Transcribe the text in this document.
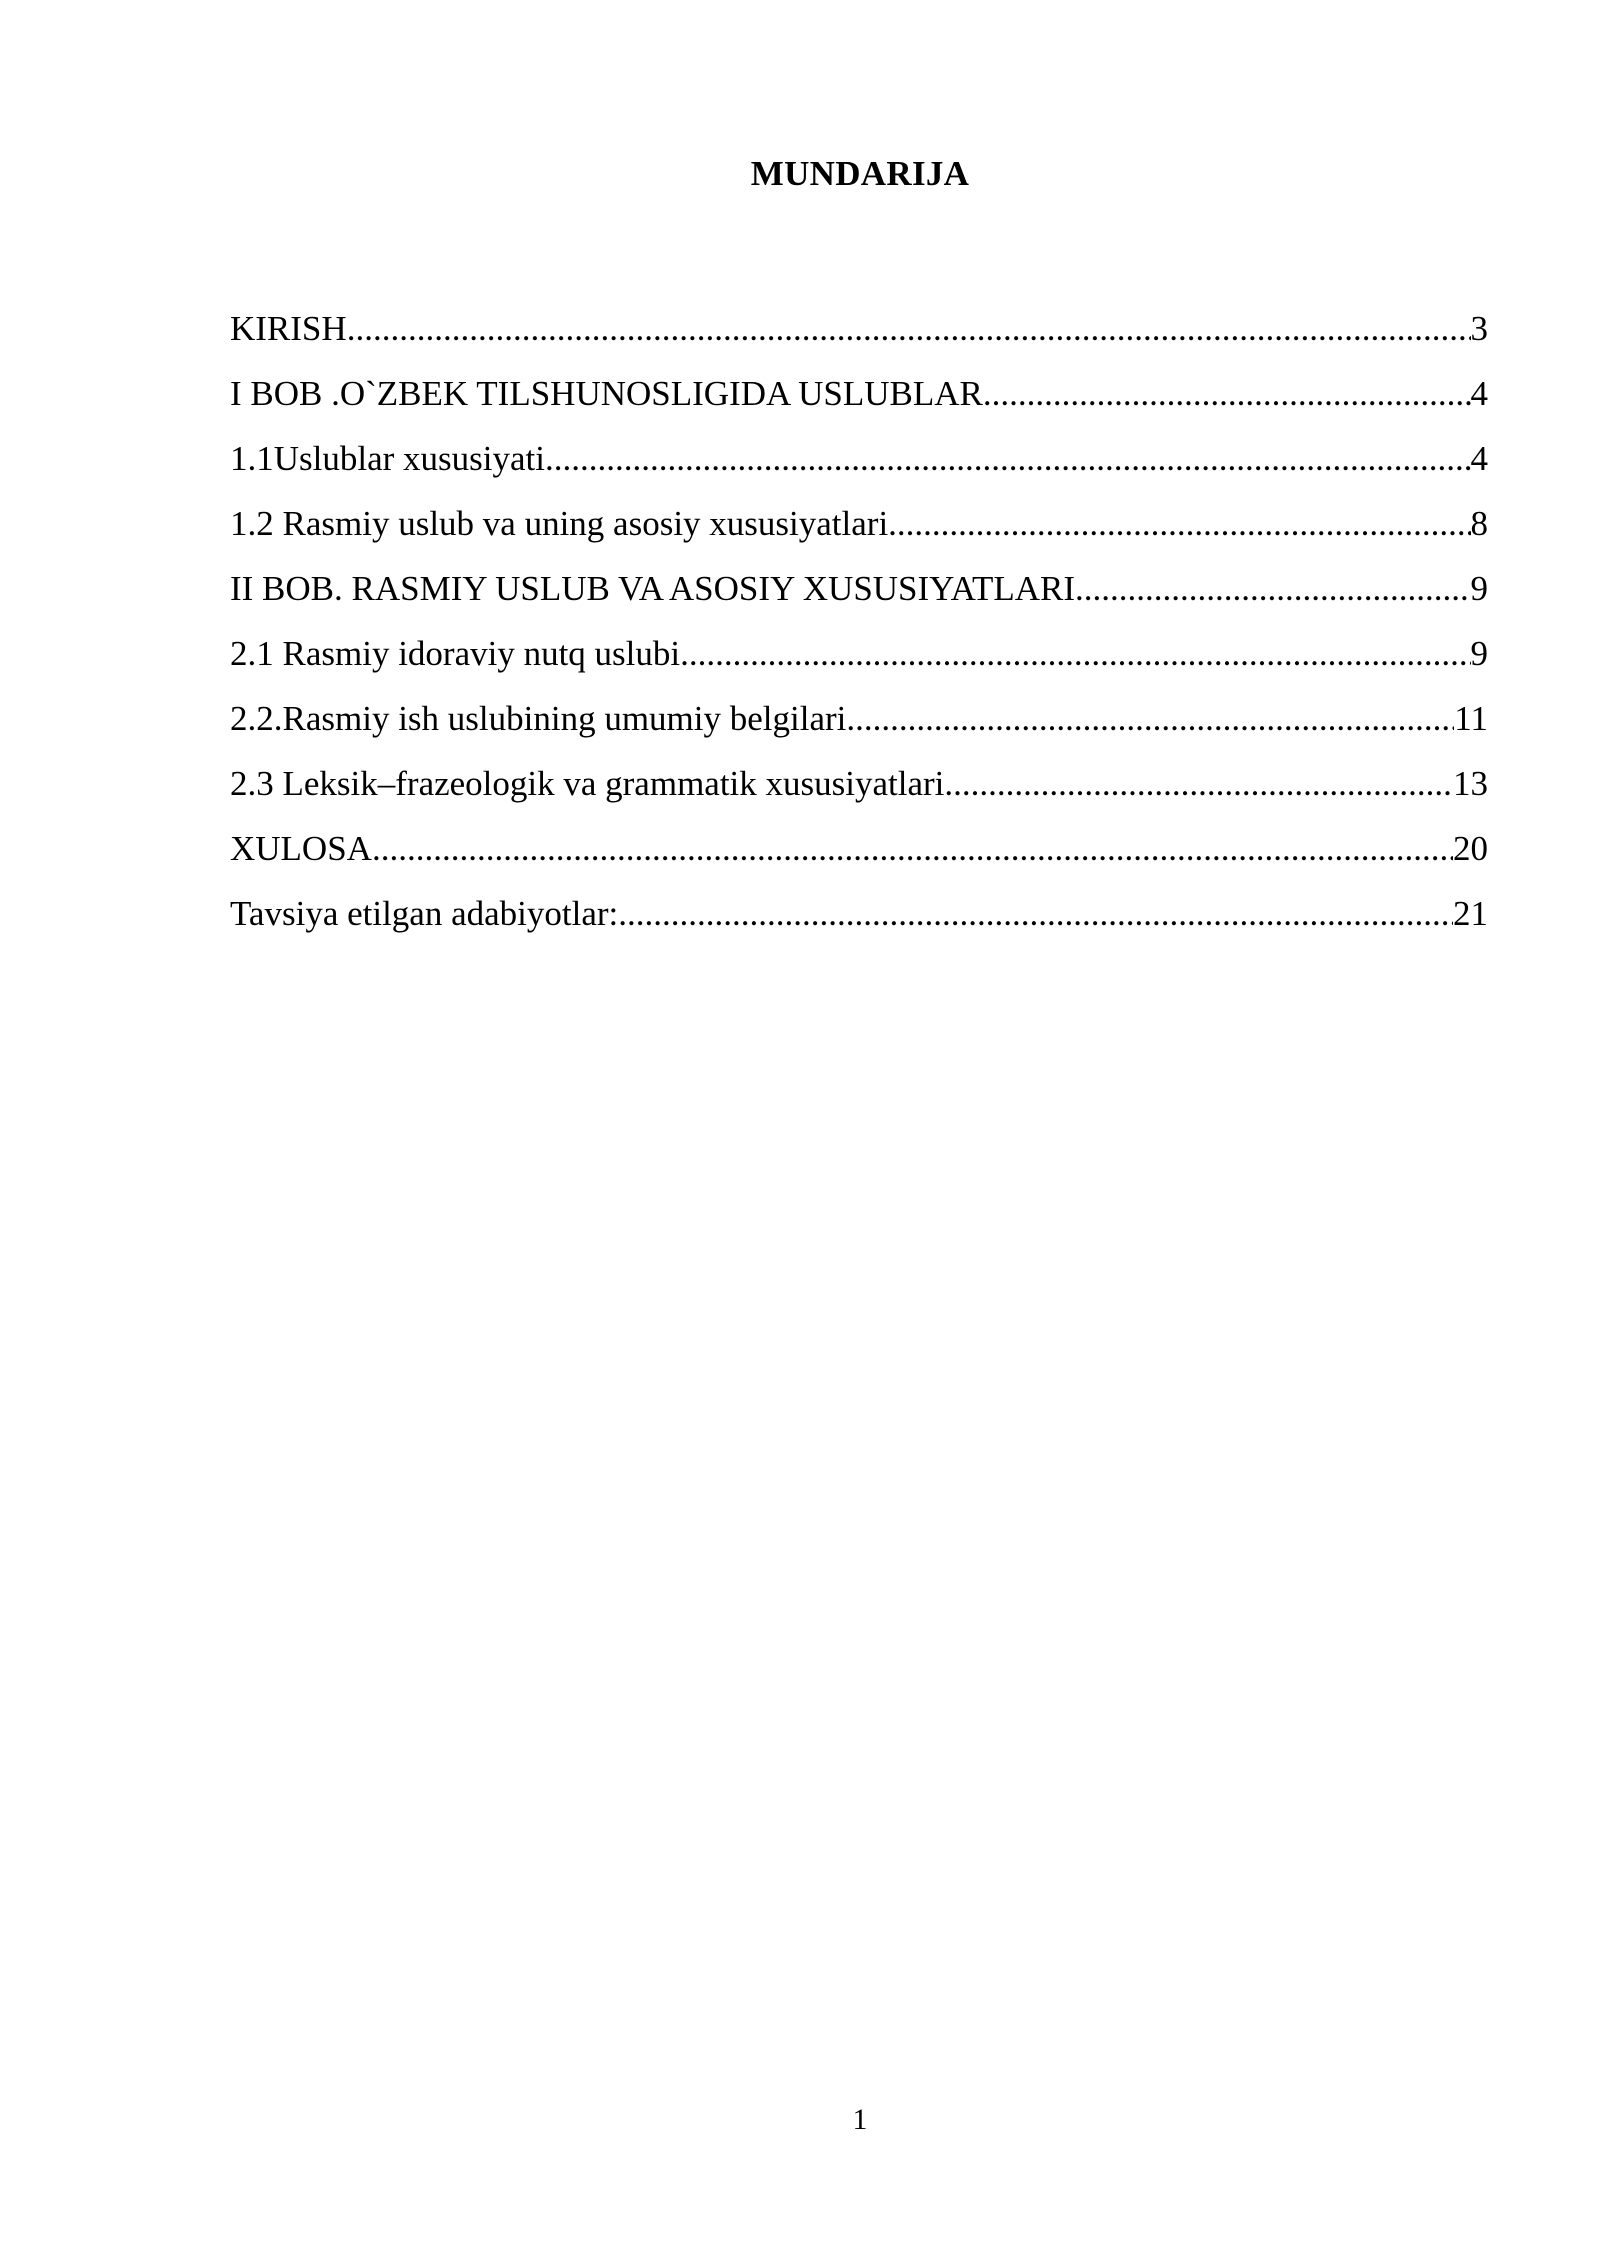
MUNDARIJA
KIRISH .....	3
I BOB .O`ZBEK TILSHUNOSLIGIDA USLUBLAR .....	4
1.1Uslublar xususiyati .....	4
1.2 Rasmiy uslub va uning asosiy xususiyatlari .....	8
II BOB. RASMIY USLUB VA ASOSIY XUSUSIYATLARI .....	9
2.1 Rasmiy idoraviy nutq uslubi .....	9
2.2.Rasmiy ish uslubining umumiy belgilari .....	11
2.3 Leksik–frazeologik va grammatik xususiyatlari .....	13
XULOSA .....	20
Tavsiya etilgan adabiyotlar: .....	21
1
